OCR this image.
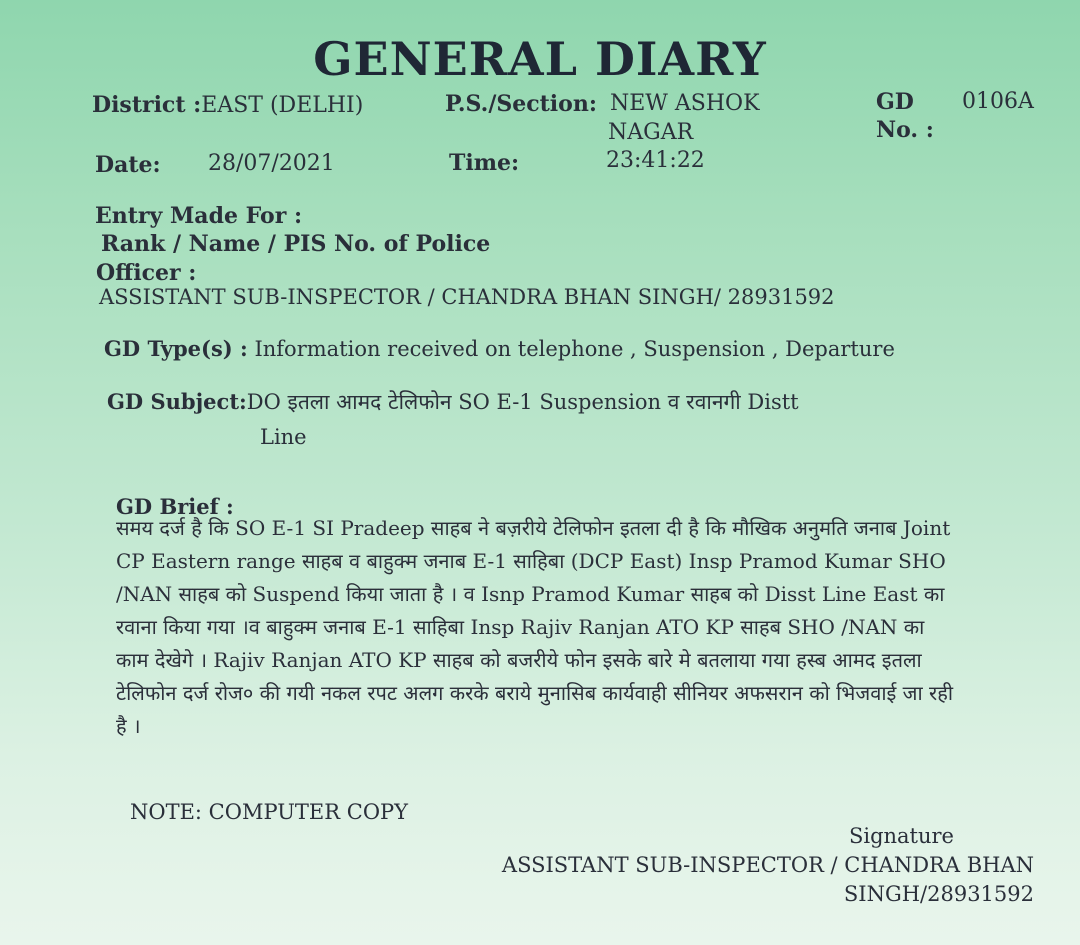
GENERAL DIARY
District :EAST (DELHI)	P.S./Section: NEW ASHOK
NAGAR
GD
No. :
0106A
Date: 28/07/2021	Time:	23:41:22
Entry Made For :
Rank / Name / PIS No. of Police
Officer :
ASSISTANT SUB-INSPECTOR / CHANDRA BHAN SINGH/ 28931592
GD Type(s) : Information received on telephone , Suspension , Departure
GD Subject:DO इतला आमद टेलिफोन SO E-1 Suspension व रवानगी Distt
Line
GD Brief :
समय दर्ज है कि SO E-1 SI Pradeep साहब ने बज़रीये टेलिफोन इतला दी है कि मौखिक अनुमति जनाब Joint
CP Eastern range साहब व बाहुक्म जनाब E-1 साहिबा (DCP East) Insp Pramod Kumar SHO
/NAN साहब को Suspend किया जाता है । व Isnp Pramod Kumar साहब को Disst Line East का
रवाना किया गया ।व बाहुक्म जनाब E-1 साहिबा Insp Rajiv Ranjan ATO KP साहब SHO /NAN का
काम देखेगे । Rajiv Ranjan ATO KP साहब को बजरीये फोन इसके बारे मे बतलाया गया हस्ब आमद इतला
टेलिफोन दर्ज रोज० की गयी नकल रपट अलग करके बराये मुनासिब कार्यवाही सीनियर अफसरान को भिजवाई जा रही
है ।
NOTE: COMPUTER COPY
Signature
ASSISTANT SUB-INSPECTOR / CHANDRA BHAN
SINGH/28931592
